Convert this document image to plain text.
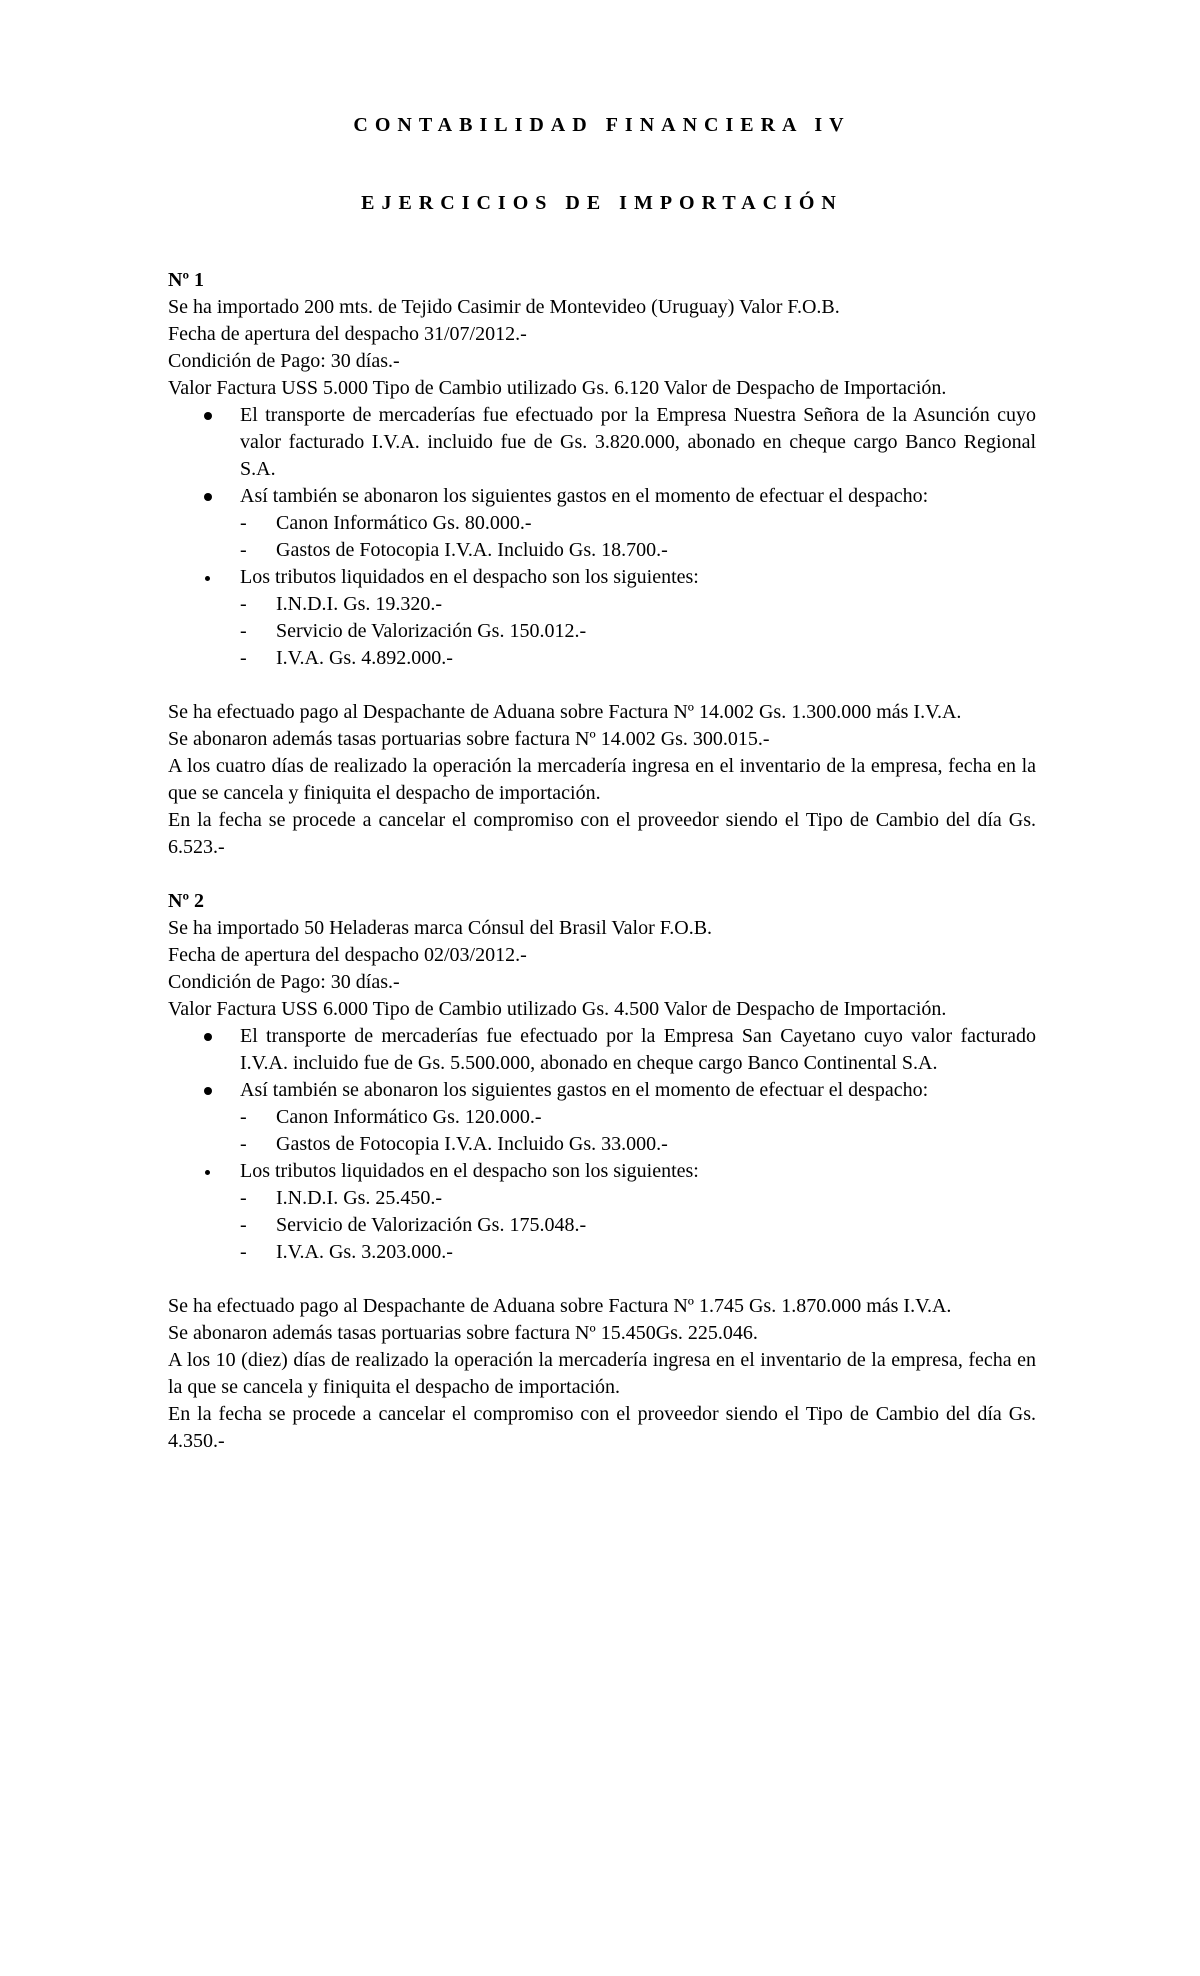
CONTABILIDAD FINANCIERA IV

EJERCICIOS DE IMPORTACIÓN

Nº 1

Se ha importado 200 mts. de Tejido Casimir de Montevideo (Uruguay) Valor F.O.B.

Fecha de apertura del despacho 31/07/2012.-

Condición de Pago: 30 días.-

Valor Factura USS 5.000 Tipo de Cambio utilizado Gs. 6.120 Valor de Despacho de Importación.

El transporte de mercaderías fue efectuado por la Empresa Nuestra Señora de la Asunción cuyo valor facturado I.V.A. incluido fue de Gs. 3.820.000, abonado en cheque cargo Banco Regional S.A.
Así también se abonaron los siguientes gastos en el momento de efectuar el despacho:
- Canon Informático Gs. 80.000.-
- Gastos de Fotocopia I.V.A. Incluido Gs. 18.700.-
Los tributos liquidados en el despacho son los siguientes:
- I.N.D.I. Gs. 19.320.-
- Servicio de Valorización Gs. 150.012.-
- I.V.A. Gs. 4.892.000.-

Se ha efectuado pago al Despachante de Aduana sobre Factura Nº 14.002 Gs. 1.300.000 más I.V.A.

Se abonaron además tasas portuarias sobre factura Nº 14.002 Gs. 300.015.-

A los cuatro días de realizado la operación la mercadería ingresa en el inventario de la empresa, fecha en la que se cancela y finiquita el despacho de importación.

En la fecha se procede a cancelar el compromiso con el proveedor siendo el Tipo de Cambio del día Gs. 6.523.-

Nº 2

Se ha importado 50 Heladeras marca Cónsul del Brasil Valor F.O.B.

Fecha de apertura del despacho 02/03/2012.-

Condición de Pago: 30 días.-

Valor Factura USS 6.000 Tipo de Cambio utilizado Gs. 4.500 Valor de Despacho de Importación.

El transporte de mercaderías fue efectuado por la Empresa San Cayetano cuyo valor facturado I.V.A. incluido fue de Gs. 5.500.000, abonado en cheque cargo Banco Continental S.A.
Así también se abonaron los siguientes gastos en el momento de efectuar el despacho:
- Canon Informático Gs. 120.000.-
- Gastos de Fotocopia I.V.A. Incluido Gs. 33.000.-
Los tributos liquidados en el despacho son los siguientes:
- I.N.D.I. Gs. 25.450.-
- Servicio de Valorización Gs. 175.048.-
- I.V.A. Gs. 3.203.000.-

Se ha efectuado pago al Despachante de Aduana sobre Factura Nº 1.745 Gs. 1.870.000 más I.V.A.

Se abonaron además tasas portuarias sobre factura Nº 15.450Gs. 225.046.

A los 10 (diez) días de realizado la operación la mercadería ingresa en el inventario de la empresa, fecha en la que se cancela y finiquita el despacho de importación.

En la fecha se procede a cancelar el compromiso con el proveedor siendo el Tipo de Cambio del día Gs. 4.350.-
